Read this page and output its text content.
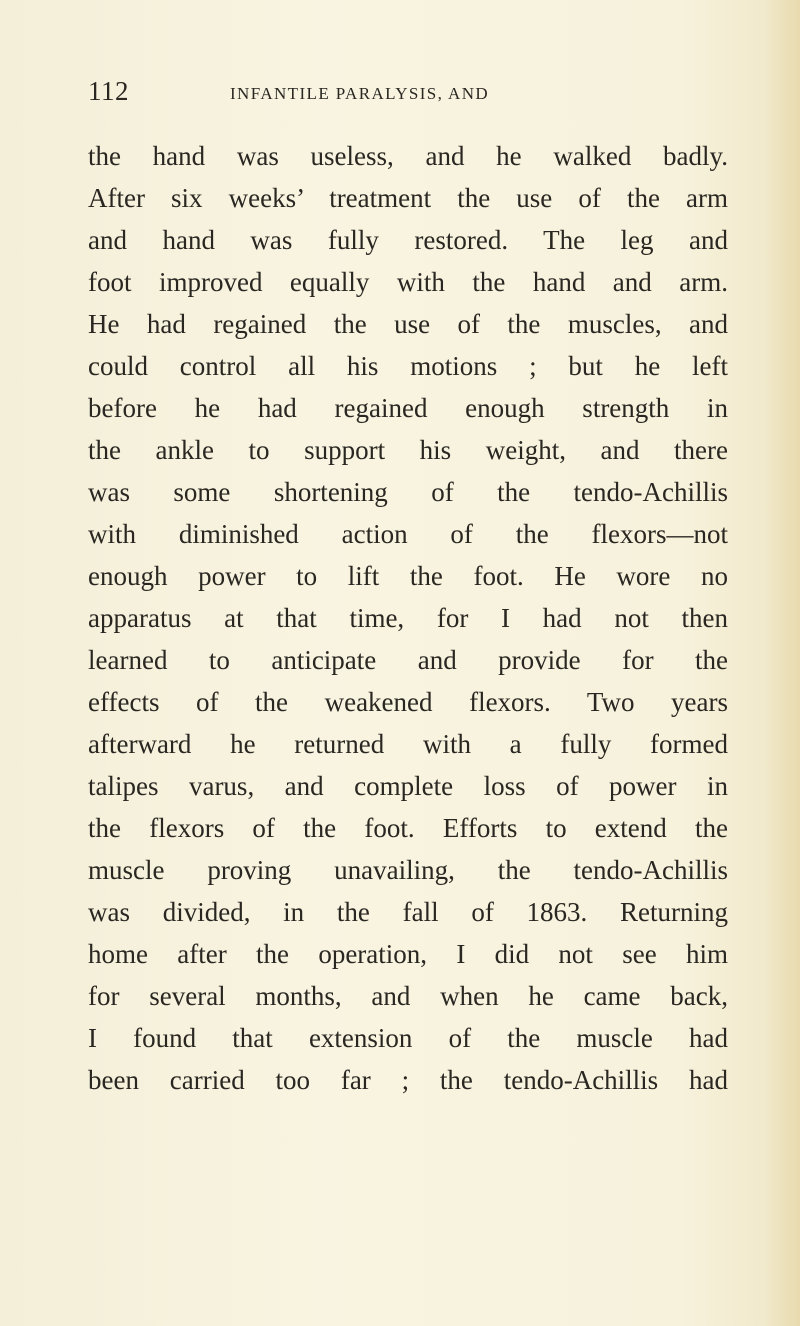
112	INFANTILE PARALYSIS, AND
the hand was useless, and he walked badly.
After six weeks’ treatment the use of the arm
and hand was fully restored. The leg and
foot improved equally with the hand and arm.
He had regained the use of the muscles, and
could control all his motions ; but he left
before he had regained enough strength in
the ankle to support his weight, and there
was some shortening of the tendo-Achillis
with diminished action of the flexors—not
enough power to lift the foot. He wore no
apparatus at that time, for I had not then
learned to anticipate and provide for the
effects of the weakened flexors. Two years
afterward he returned with a fully formed
talipes varus, and complete loss of power in
the flexors of the foot. Efforts to extend the
muscle proving unavailing, the tendo-Achillis
was divided, in the fall of 1863. Returning
home after the operation, I did not see him
for several months, and when he came back,
I found that extension of the muscle had
been carried too far ; the tendo-Achillis had
